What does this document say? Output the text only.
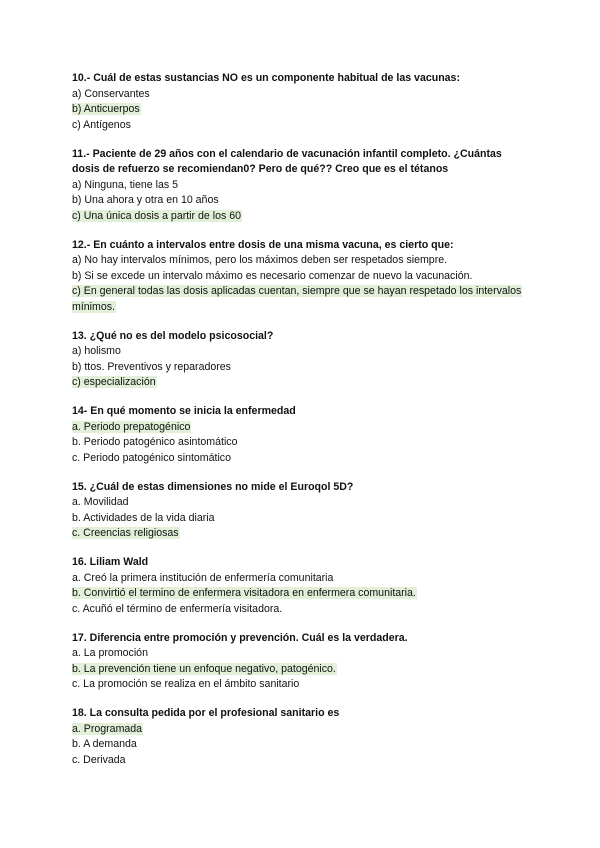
10.- Cuál de estas sustancias NO es un componente habitual de las vacunas:

a) Conservantes
b) Anticuerpos
c) Antígenos

11.- Paciente de 29 años con el calendario de vacunación infantil completo. ¿Cuántas dosis de refuerzo se recomiendan0? Pero de qué?? Creo que es el tétanos

a) Ninguna, tiene las 5
b) Una ahora y otra en 10 años
c) Una única dosis a partir de los 60

12.- En cuánto a intervalos entre dosis de una misma vacuna, es cierto que:

a) No hay intervalos mínimos, pero los máximos deben ser respetados siempre.
b) Si se excede un intervalo máximo es necesario comenzar de nuevo la vacunación.
c) En general todas las dosis aplicadas cuentan, siempre que se hayan respetado los intervalos mínimos.

13. ¿Qué no es del modelo psicosocial?

a) holismo
b) ttos. Preventivos y reparadores
c) especialización

14- En qué momento se inicia la enfermedad

a. Periodo prepatogénico
b. Periodo patogénico asintomático
c. Periodo patogénico sintomático

15. ¿Cuál de estas dimensiones no mide el Euroqol 5D?

a. Movilidad
b. Actividades de la vida diaria
c. Creencias religiosas

16. Liliam Wald

a. Creó la primera institución de enfermería comunitaria
b. Convirtió el termino de enfermera visitadora en enfermera comunitaria.
c. Acuñó el término de enfermería visitadora.

17. Diferencia entre promoción y prevención. Cuál es la verdadera.

a. La promoción
b. La prevención tiene un enfoque negativo, patogénico.
c. La promoción se realiza en el ámbito sanitario

18. La consulta pedida por el profesional sanitario es

a. Programada
b. A demanda
c. Derivada
